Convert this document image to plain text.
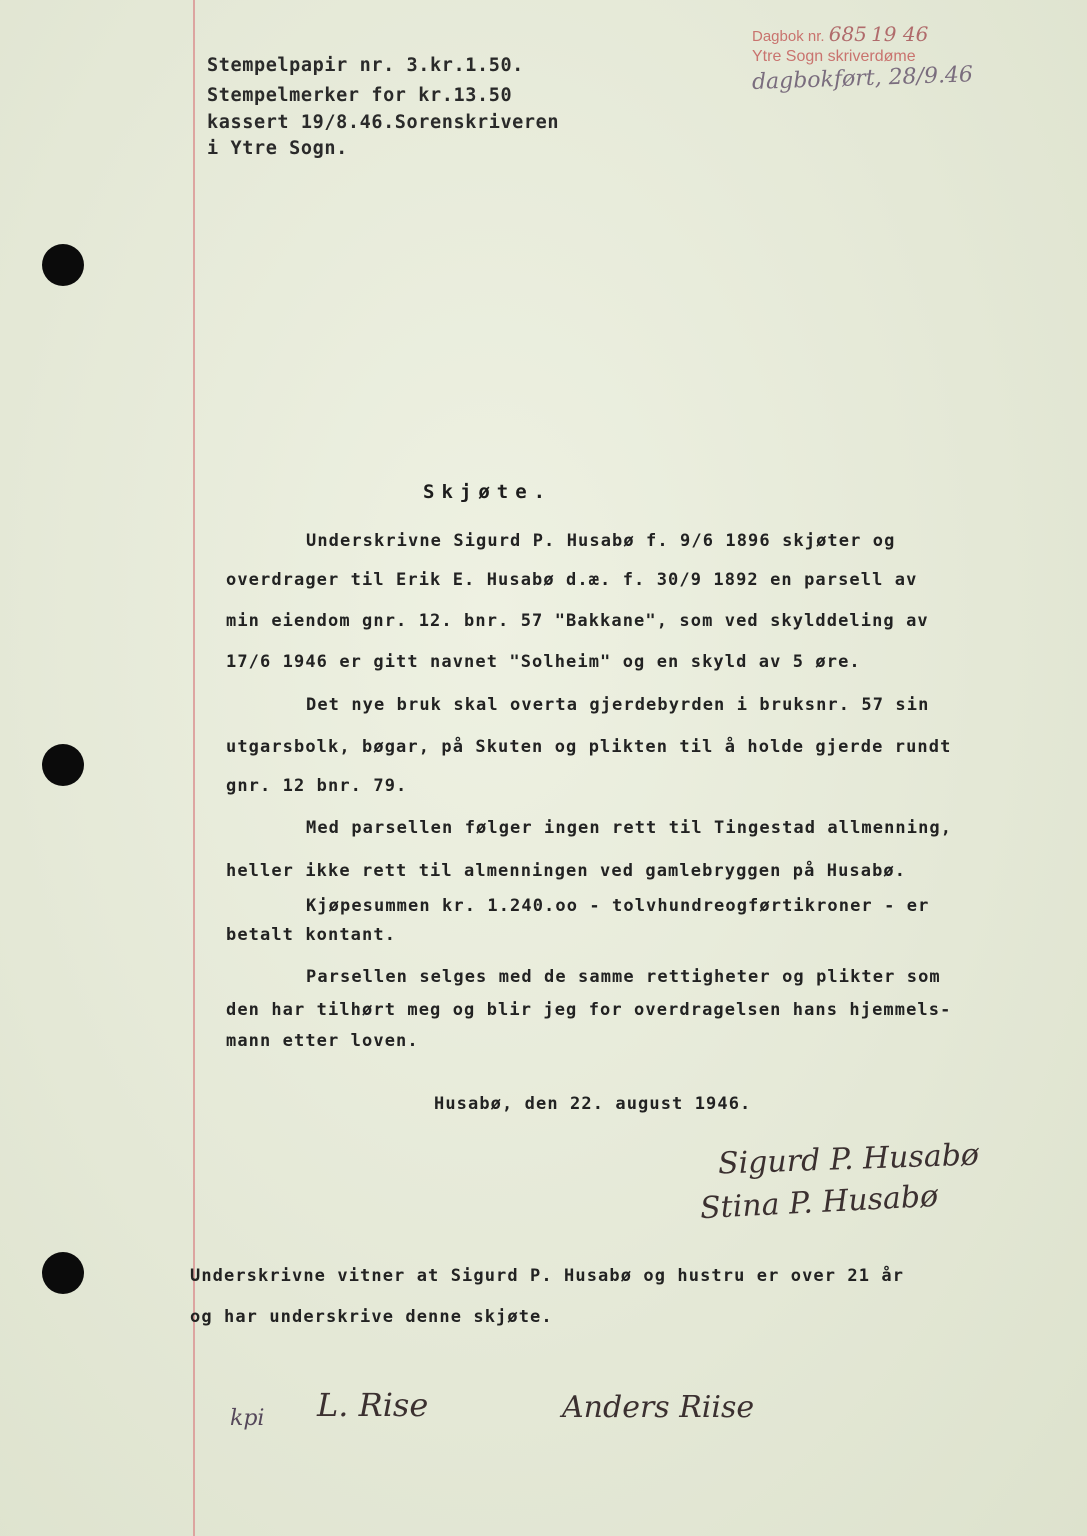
Stempelpapir nr. 3.kr.1.50.
Stempelmerker for kr.13.50
kassert 19/8.46.Sorenskriveren
i Ytre Sogn.
Dagbok nr. 685 19 46
Ytre Sogn skriverdøme
dagbokført, 28/9.46
Skjøte.
Underskrivne Sigurd P. Husabø f. 9/6 1896 skjøter og
overdrager til Erik E. Husabø d.æ. f. 30/9 1892 en parsell av
min eiendom gnr. 12. bnr. 57 "Bakkane", som ved skylddeling av
17/6 1946 er gitt navnet "Solheim" og en skyld av 5 øre.
Det nye bruk skal overta gjerdebyrden i bruksnr. 57 sin
utgarsbolk, bøgar, på Skuten og plikten til å holde gjerde rundt
gnr. 12 bnr. 79.
Med parsellen følger ingen rett til Tingestad allmenning,
heller ikke rett til almenningen ved gamlebryggen på Husabø.
Kjøpesummen kr. 1.240.oo - tolvhundreogførtikroner - er
betalt kontant.
Parsellen selges med de samme rettigheter og plikter som
den har tilhørt meg og blir jeg for overdragelsen hans hjemmels-
mann etter loven.
Husabø, den 22. august 1946.
Sigurd P. Husabø
Stina P. Husabø
Underskrivne vitner at Sigurd P. Husabø og hustru er over 21 år
og har underskrive denne skjøte.
kpi L. Rise	Anders Riise
